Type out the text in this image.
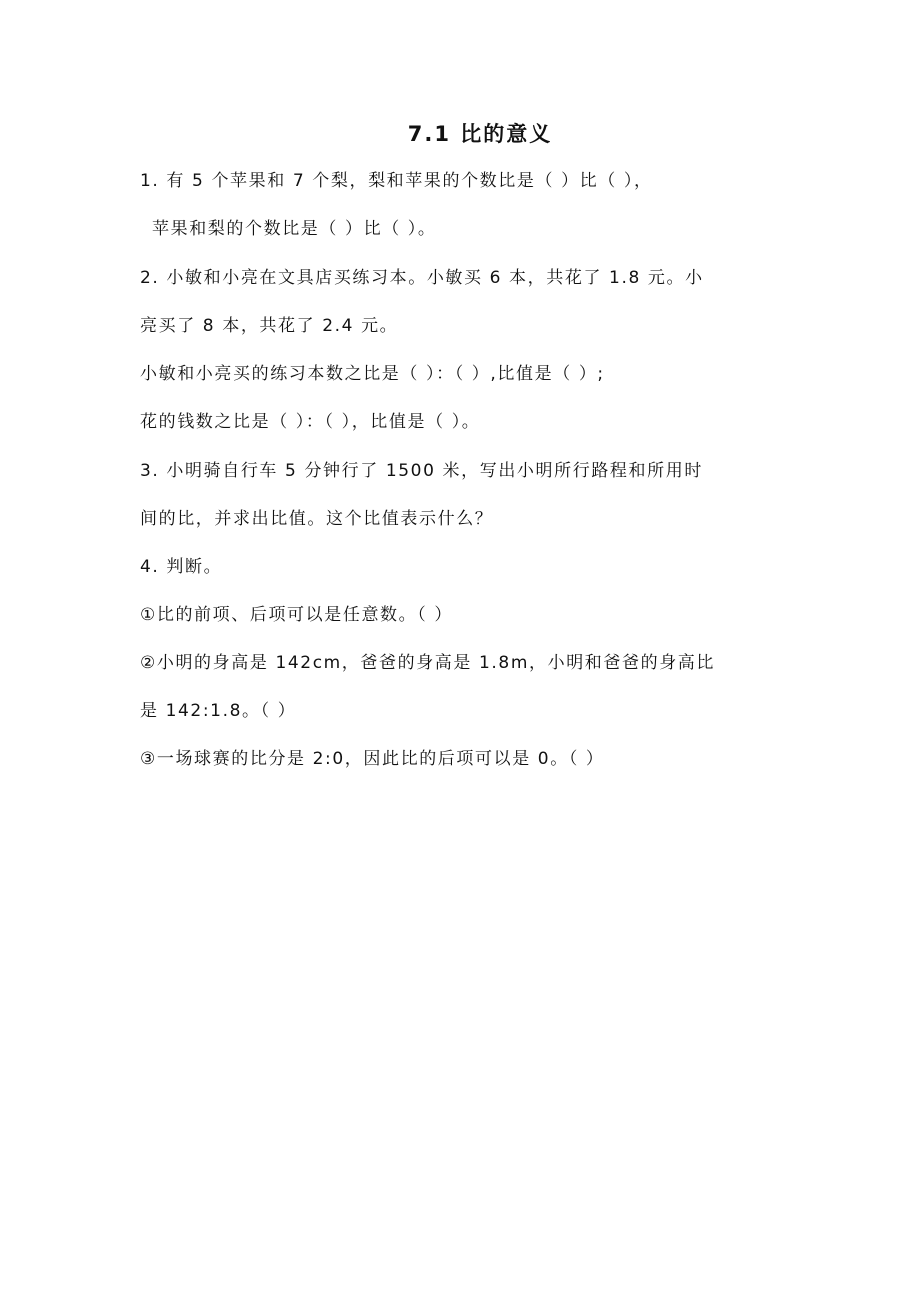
7.1 比的意义
1. 有 5 个苹果和 7 个梨，梨和苹果的个数比是（ ）比（ ），
苹果和梨的个数比是（ ）比（ ）。
2. 小敏和小亮在文具店买练习本。小敏买 6 本，共花了 1.8 元。小
亮买了 8 本，共花了 2.4 元。
小敏和小亮买的练习本数之比是（ ）：（ ）,比值是（ ）;
花的钱数之比是（ ）：（ ），比值是（ ）。
3. 小明骑自行车 5 分钟行了 1500 米，写出小明所行路程和所用时
间的比，并求出比值。这个比值表示什么？
4. 判断。
①比的前项、后项可以是任意数。（ ）
②小明的身高是 142cm，爸爸的身高是 1.8m，小明和爸爸的身高比
是 142:1.8。（ ）
③一场球赛的比分是 2:0，因此比的后项可以是 0。（ ）
